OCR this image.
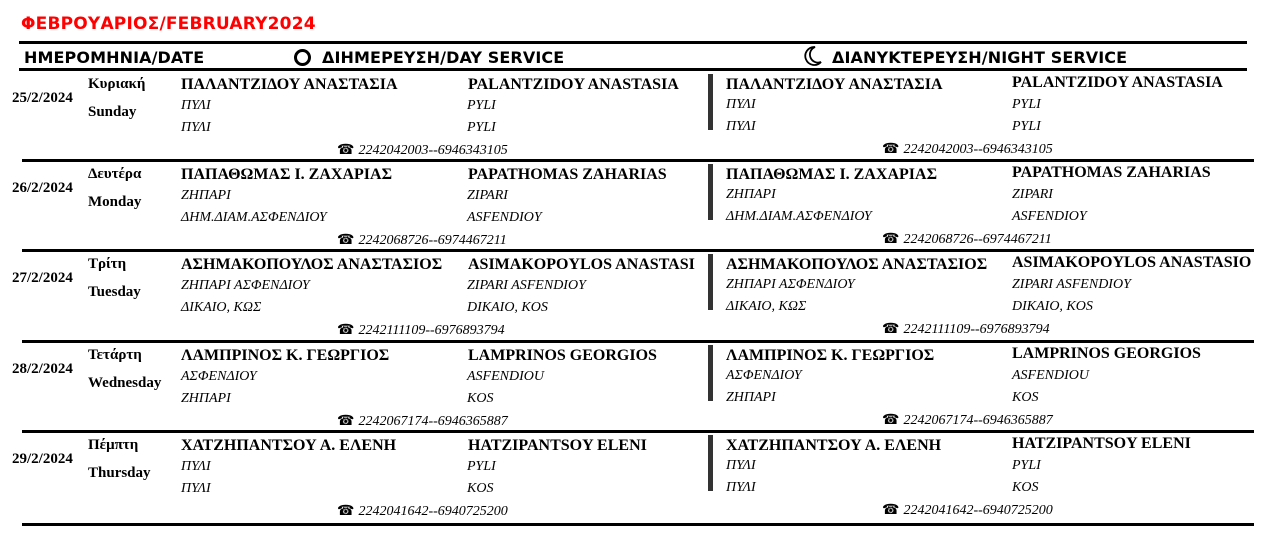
ΦΕΒΡΟΥΑΡΙΟΣ/FEBRUARY2024
ΗΜΕΡΟΜΗΝΙΑ/DATE	ΔΙΗΜΕΡΕΥΣΗ/DAY SERVICE	ΔΙΑΝΥΚΤΕΡΕΥΣΗ/NIGHT SERVICE
25/2/2024
Κυριακή
Sunday
ΠΑΛΑΝΤΖΙΔΟΥ ΑΝΑΣΤΑΣΙΑ	PALANTZIDOY ANASTASIA
ΠΥΛΙ	PYLI
ΠΥΛΙ	PYLI
ΠΑΛΑΝΤΖΙΔΟΥ ΑΝΑΣΤΑΣΙΑ	PALANTZIDOY ANASTASIA
ΠΥΛΙ	PYLI
ΠΥΛΙ	PYLI
☎ 2242042003--6946343105	☎ 2242042003--6946343105
26/2/2024
Δευτέρα
Monday
ΠΑΠΑΘΩΜΑΣ Ι. ΖΑΧΑΡΙΑΣ	PAPATHOMAS ZAHARIAS
ΖΗΠΑΡΙ	ZIPARI
ΔΗΜ.ΔΙΑΜ.ΑΣΦΕΝΔΙΟΥ	ASFENDIOY
ΠΑΠΑΘΩΜΑΣ Ι. ΖΑΧΑΡΙΑΣ	PAPATHOMAS ZAHARIAS
ΖΗΠΑΡΙ	ZIPARI
ΔΗΜ.ΔΙΑΜ.ΑΣΦΕΝΔΙΟΥ	ASFENDIOY
☎ 2242068726--6974467211	☎ 2242068726--6974467211
27/2/2024
Τρίτη
Tuesday
ΑΣΗΜΑΚΟΠΟΥΛΟΣ ΑΝΑΣΤΑΣΙΟΣ ASIMAKOPOYLOS ANASTASI
ΖΗΠΑΡΙ ΑΣΦΕΝΔΙΟΥ	ZIPARI ASFENDIOY
ΔΙΚΑΙΟ, ΚΩΣ	DIKAIO, KOS
ΑΣΗΜΑΚΟΠΟΥΛΟΣ ΑΝΑΣΤΑΣΙΟΣ ASIMAKOPOYLOS ANASTASIO
ΖΗΠΑΡΙ ΑΣΦΕΝΔΙΟΥ	ZIPARI ASFENDIOY
ΔΙΚΑΙΟ, ΚΩΣ	DIKAIO, KOS
☎ 2242111109--6976893794	☎ 2242111109--6976893794
28/2/2024
Τετάρτη
Wednesday
ΛΑΜΠΡΙΝΟΣ Κ. ΓΕΩΡΓΙΟΣ	LAMPRINOS GEORGIOS
ΑΣΦΕΝΔΙΟΥ	ASFENDIOU
ΖΗΠΑΡΙ	KOS
ΛΑΜΠΡΙΝΟΣ Κ. ΓΕΩΡΓΙΟΣ	LAMPRINOS GEORGIOS
ΑΣΦΕΝΔΙΟΥ	ASFENDIOU
ΖΗΠΑΡΙ	KOS
☎ 2242067174--6946365887	☎ 2242067174--6946365887
29/2/2024
Πέμπτη
Thursday
ΧΑΤΖΗΠΑΝΤΣΟΥ Α. ΕΛΕΝΗ	HATZIPANTSOY ELENI
ΠΥΛΙ	PYLI
ΠΥΛΙ	KOS
ΧΑΤΖΗΠΑΝΤΣΟΥ Α. ΕΛΕΝΗ	HATZIPANTSOY ELENI
ΠΥΛΙ	PYLI
ΠΥΛΙ	KOS
☎ 2242041642--6940725200	☎ 2242041642--6940725200
